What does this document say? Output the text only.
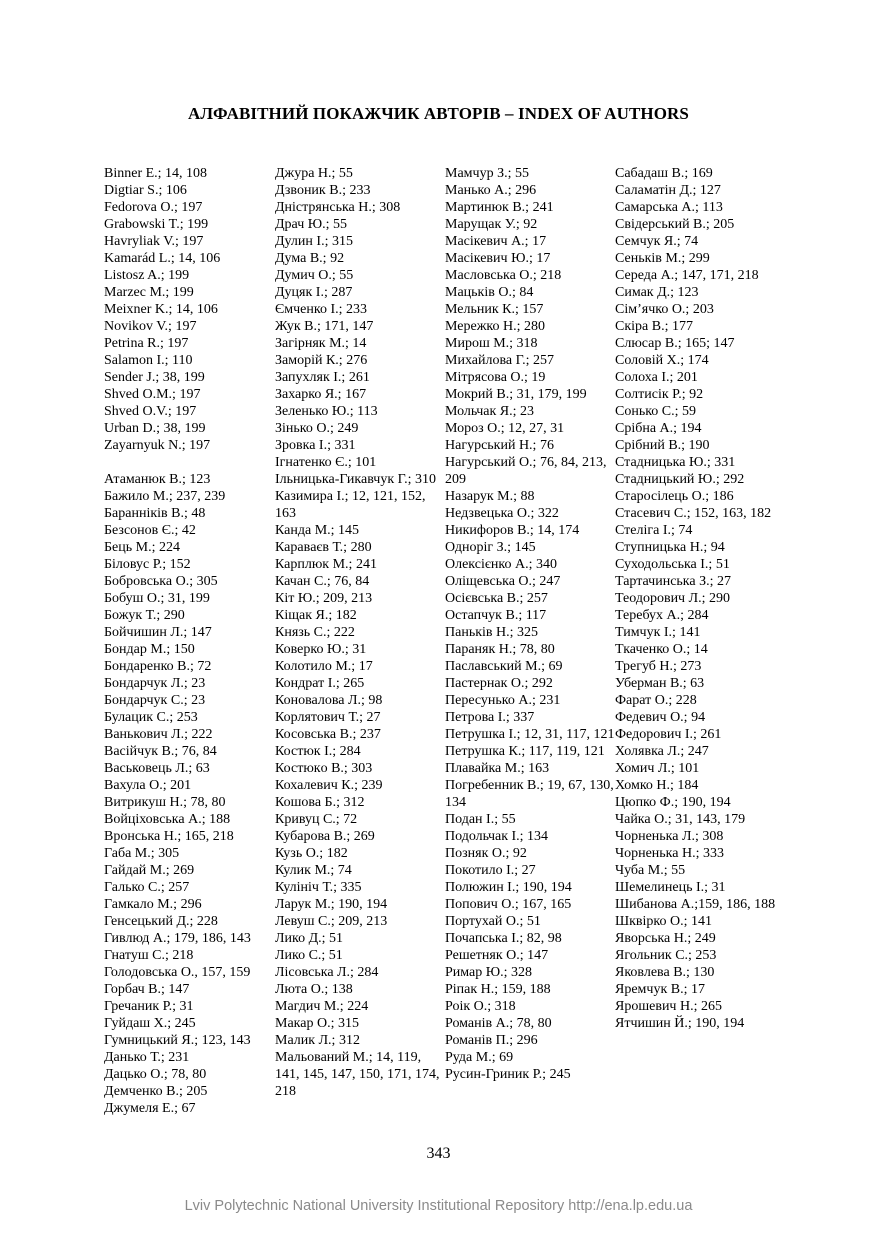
АЛФАВІТНИЙ ПОКАЖЧИК АВТОРІВ – INDEX OF AUTHORS
Binner E.; 14, 108
Digtiar S.; 106
Fedorova O.; 197
Grabowski T.; 199
Havryliak V.; 197
Kamarád L.; 14, 106
Listosz A.; 199
Marzec M.; 199
Meixner K.; 14, 106
Novikov V.; 197
Petrina R.; 197
Salamon I.; 110
Sender J.; 38, 199
Shved O.M.; 197
Shved O.V.; 197
Urban D.; 38, 199
Zayarnyuk N.; 197
Атаманюк В.; 123
Бажило М.; 237, 239
Баранніків В.; 48
Безсонов Є.; 42
Бець М.; 224
Біловус Р.; 152
Бобровська О.; 305
Бобуш О.; 31, 199
Божук Т.; 290
Бойчишин Л.; 147
Бондар М.; 150
Бондаренко В.; 72
Бондарчук Л.; 23
Бондарчук С.; 23
Булацик С.; 253
Ванькович Л.; 222
Васійчук В.; 76, 84
Васьковець Л.; 63
Вахула О.; 201
Витрикуш Н.; 78, 80
Войціховська А.; 188
Вронська Н.; 165, 218
Габа М.; 305
Гайдай М.; 269
Галько С.; 257
Гамкало М.; 296
Генсецький Д.; 228
Гивлюд А.; 179, 186, 143
Гнатуш С.; 218
Голодовська О., 157, 159
Горбач В.; 147
Гречаник Р.; 31
Гуйдаш Х.; 245
Гумницький Я.; 123, 143
Данько Т.; 231
Дацько О.; 78, 80
Демченко В.; 205
Джумеля Е.; 67
Джура Н.; 55
Дзвоник В.; 233
Дністрянська Н.; 308
Драч Ю.; 55
Дулин І.; 315
Дума В.; 92
Думич О.; 55
Дуцяк І.; 287
Ємченко І.; 233
Жук В.; 171, 147
Загірняк М.; 14
Заморій К.; 276
Запухляк І.; 261
Захарко Я.; 167
Зеленько Ю.; 113
Зінько О.; 249
Зровка І.; 331
Ігнатенко Є.; 101
Ільницька-Гикавчук Г.; 310
Казимира І.; 12, 121, 152, 163
Канда М.; 145
Каравaєв Т.; 280
Карплюк М.; 241
Качан С.; 76, 84
Кіт Ю.; 209, 213
Кіщак Я.; 182
Князь С.; 222
Коверко Ю.; 31
Колотило М.; 17
Кондрат І.; 265
Коновалова Л.; 98
Корлятович Т.; 27
Косовська В.; 237
Костюк І.; 284
Костюкo В.; 303
Кохалевич К.; 239
Кошова Б.; 312
Кривуц С.; 72
Кубарова В.; 269
Кузь О.; 182
Кулик М.; 74
Кулініч Т.; 335
Ларук М.; 190, 194
Левуш С.; 209, 213
Лико Д.; 51
Лико С.; 51
Лісовська Л.; 284
Люта О.; 138
Магдич М.; 224
Макар О.; 315
Малик Л.; 312
Мальований М.; 14, 119, 141, 145, 147, 150, 171, 174, 218
Мамчур З.; 55
Манько А.; 296
Мартинюк В.; 241
Марущак У.; 92
Масікевич А.; 17
Масікевич Ю.; 17
Масловська О.; 218
Мацьків О.; 84
Мельник К.; 157
Мережко Н.; 280
Мирош М.; 318
Михайлова Г.; 257
Мітрясова О.; 19
Мокрий В.; 31, 179, 199
Мольчак Я.; 23
Мороз О.; 12, 27, 31
Нагурський Н.; 76
Нагурський О.; 76, 84, 213, 209
Назарук М.; 88
Недзвецька О.; 322
Никифоров В.; 14, 174
Одноріг З.; 145
Олексієнко А.; 340
Оліщевська О.; 247
Осієвська В.; 257
Остапчук В.; 117
Паньків Н.; 325
Параняк Н.; 78, 80
Паславський М.; 69
Пастернак О.; 292
Пересунько А.; 231
Петрова І.; 337
Петрушка І.; 12, 31, 117, 121
Петрушка К.; 117, 119, 121
Плавайка М.; 163
Погребенник В.; 19, 67, 130, 134
Подан І.; 55
Подольчак І.; 134
Позняк О.; 92
Покотило І.; 27
Полюжин І.; 190, 194
Попович О.; 167, 165
Портухай О.; 51
Почапська І.; 82, 98
Решетняк О.; 147
Римар Ю.; 328
Ріпак Н.; 159, 188
Роік О.; 318
Романів А.; 78, 80
Романів П.; 296
Руда М.; 69
Русин-Гриник Р.; 245
Сабадаш В.; 169
Саламатін Д.; 127
Самарська А.; 113
Свідерський В.; 205
Семчук Я.; 74
Сеньків М.; 299
Середа А.; 147, 171, 218
Симак Д.; 123
Сім’ячко О.; 203
Скіра В.; 177
Слюсар В.; 165; 147
Соловій Х.; 174
Солоха І.; 201
Солтисік Р.; 92
Сонько С.; 59
Срібна А.; 194
Срібний В.; 190
Стадницька Ю.; 331
Стадницький Ю.; 292
Старосілець О.; 186
Стасевич С.; 152, 163, 182
Стеліга І.; 74
Ступницька Н.; 94
Суходольська І.; 51
Тартачинська З.; 27
Теодорович Л.; 290
Теребух А.; 284
Тимчук І.; 141
Ткаченко О.; 14
Трегуб Н.; 273
Уберман В.; 63
Фарат О.; 228
Федевич О.; 94
Федорович І.; 261
Холявка Л.; 247
Хомич Л.; 101
Хомко Н.; 184
Цюпко Ф.; 190, 194
Чайка О.; 31, 143, 179
Чорненька Л.; 308
Чорненька Н.; 333
Чуба М.; 55
Шемелинець І.; 31
Шибанова А.;159, 186, 188
Шквірко О.; 141
Яворська Н.; 249
Ягольник С.; 253
Яковлева В.; 130
Яремчук В.; 17
Ярошевич Н.; 265
Ятчишин Й.; 190, 194
343
Lviv Polytechnic National University Institutional Repository http://ena.lp.edu.ua
